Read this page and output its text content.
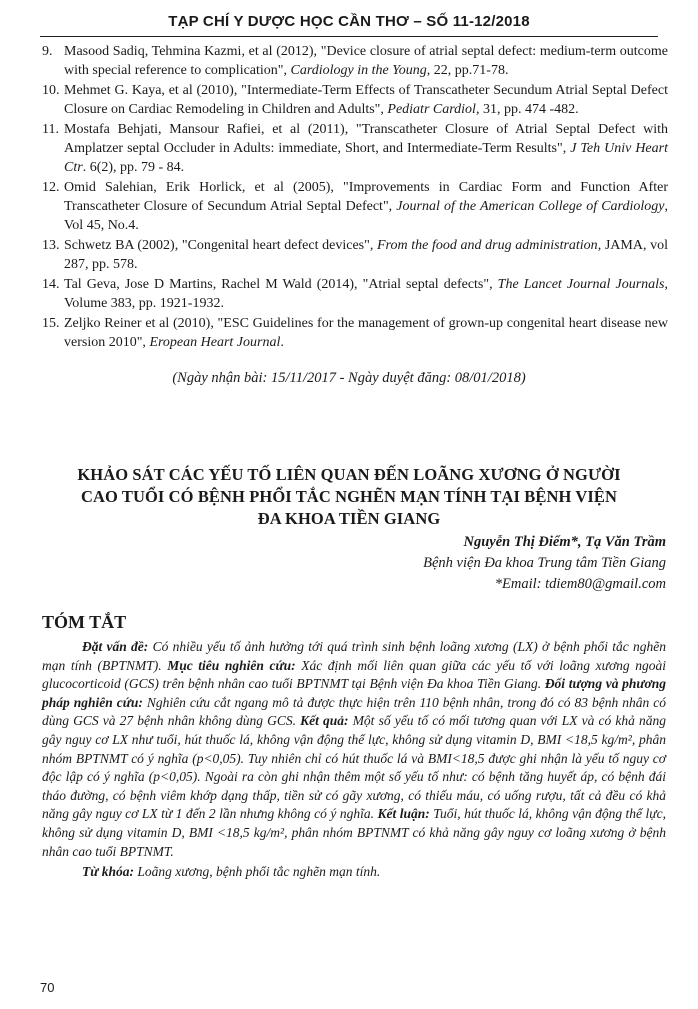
TẠP CHÍ Y DƯỢC HỌC CẦN THƠ – SỐ 11-12/2018

9. Masood Sadiq, Tehmina Kazmi, et al (2012), "Device closure of atrial septal defect: medium-term outcome with special reference to complication", Cardiology in the Young, 22, pp.71-78.

10. Mehmet G. Kaya, et al (2010), "Intermediate-Term Effects of Transcatheter Secundum Atrial Septal Defect Closure on Cardiac Remodeling in Children and Adults", Pediatr Cardiol, 31, pp. 474 -482.

11. Mostafa Behjati, Mansour Rafiei, et al (2011), "Transcatheter Closure of Atrial Septal Defect with Amplatzer septal Occluder in Adults: immediate, Short, and Intermediate-Term Results", J Teh Univ Heart Ctr. 6(2), pp. 79 - 84.

12. Omid Salehian, Erik Horlick, et al (2005), "Improvements in Cardiac Form and Function After Transcatheter Closure of Secundum Atrial Septal Defect", Journal of the American College of Cardiology, Vol 45, No.4.

13. Schwetz BA (2002), "Congenital heart defect devices", From the food and drug administration, JAMA, vol 287, pp. 578.

14. Tal Geva, Jose D Martins, Rachel M Wald (2014), "Atrial septal defects", The Lancet Journal Journals, Volume 383, pp. 1921-1932.

15. Zeljko Reiner et al (2010), "ESC Guidelines for the management of grown-up congenital heart disease new version 2010", Eropean Heart Journal.

(Ngày nhận bài: 15/11/2017 - Ngày duyệt đăng: 08/01/2018)
KHẢO SÁT CÁC YẾU TỐ LIÊN QUAN ĐẾN LOÃNG XƯƠNG Ở NGƯỜI
CAO TUỔI CÓ BỆNH PHỔI TẮC NGHẼN MẠN TÍNH TẠI BỆNH VIỆN
ĐA KHOA TIỀN GIANG
Nguyễn Thị Điểm*, Tạ Văn Trầm
Bệnh viện Đa khoa Trung tâm Tiền Giang
*Email: tdiem80@gmail.com
TÓM TẮT

Đặt vấn đề: Có nhiều yếu tố ảnh hưởng tới quá trình sinh bệnh loãng xương (LX) ở bệnh phổi tắc nghẽn mạn tính (BPTNMT). Mục tiêu nghiên cứu: Xác định mối liên quan giữa các yếu tố với loãng xương ngoài glucocorticoid (GCS) trên bệnh nhân cao tuổi BPTNMT tại Bệnh viện Đa khoa Tiền Giang. Đối tượng và phương pháp nghiên cứu: Nghiên cứu cắt ngang mô tả được thực hiện trên 110 bệnh nhân, trong đó có 83 bệnh nhân có dùng GCS và 27 bệnh nhân không dùng GCS. Kết quả: Một số yếu tố có mối tương quan với LX và có khả năng gây nguy cơ LX như tuổi, hút thuốc lá, không vận động thể lực, không sử dụng vitamin D, BMI <18,5 kg/m², phân nhóm BPTNMT có ý nghĩa (p<0,05). Tuy nhiên chỉ có hút thuốc lá và BMI<18,5 được ghi nhận là yếu tố nguy cơ độc lập có ý nghĩa (p<0,05). Ngoài ra còn ghi nhận thêm một số yếu tố như: có bệnh tăng huyết áp, có bệnh đái tháo đường, có bệnh viêm khớp dạng thấp, tiền sử có gãy xương, có thiếu máu, có uống rượu, tất cả đều có khả năng gây nguy cơ LX từ 1 đến 2 lần nhưng không có ý nghĩa. Kết luận: Tuổi, hút thuốc lá, không vận động thể lực, không sử dụng vitamin D, BMI <18,5 kg/m², phân nhóm BPTNMT có khả năng gây nguy cơ loãng xương ở bệnh nhân cao tuổi BPTNMT.

Từ khóa: Loãng xương, bệnh phổi tắc nghẽn mạn tính.

70
